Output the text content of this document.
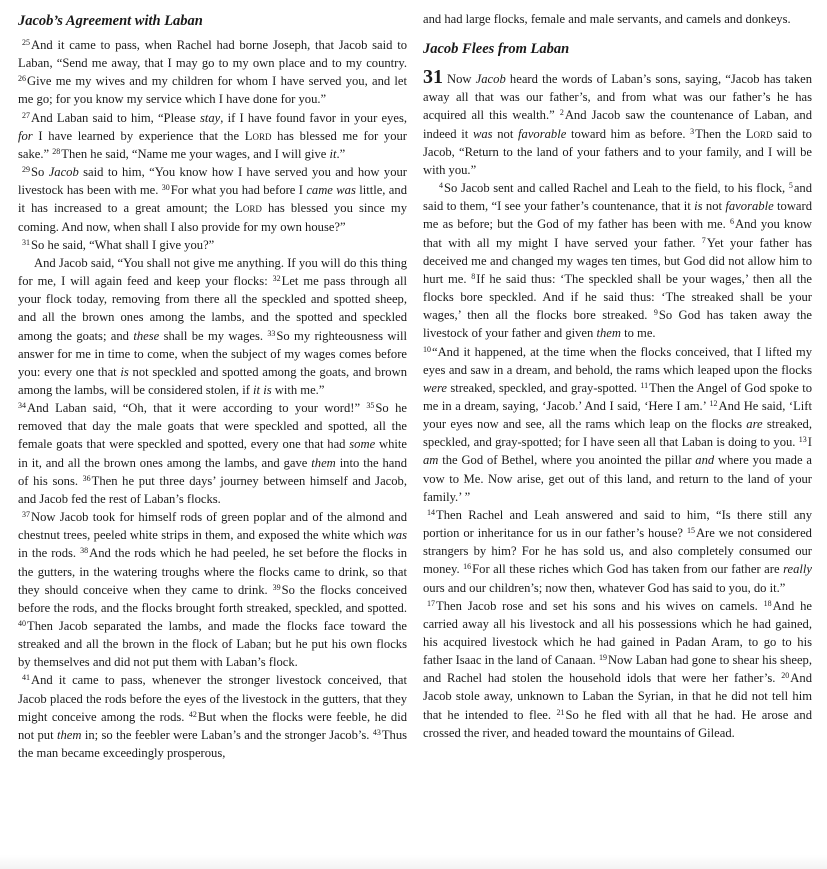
Jacob’s Agreement with Laban

$^{25}$And it came to pass, when Rachel had borne Joseph, that Jacob said to Laban, “Send me away, that I may go to my own place and to my country. $^{26}$Give me my wives and my children for whom I have served you, and let me go; for you know my service which I have done for you.”

$^{27}$And Laban said to him, “Please stay, if I have found favor in your eyes, for I have learned by experience that the Lord has blessed me for your sake.” $^{28}$Then he said, “Name me your wages, and I will give it.”

$^{29}$So Jacob said to him, “You know how I have served you and how your livestock has been with me. $^{30}$For what you had before I came was little, and it has increased to a great amount; the Lord has blessed you since my coming. And now, when shall I also provide for my own house?”

$^{31}$So he said, “What shall I give you?”

And Jacob said, “You shall not give me anything. If you will do this thing for me, I will again feed and keep your flocks: $^{32}$Let me pass through all your flock today, removing from there all the speckled and spotted sheep, and all the brown ones among the lambs, and the spotted and speckled among the goats; and these shall be my wages. $^{33}$So my righteousness will answer for me in time to come, when the subject of my wages comes before you: every one that is not speckled and spotted among the goats, and brown among the lambs, will be considered stolen, if it is with me.”

$^{34}$And Laban said, “Oh, that it were according to your word!” $^{35}$So he removed that day the male goats that were speckled and spotted, all the female goats that were speckled and spotted, every one that had some white in it, and all the brown ones among the lambs, and gave them into the hand of his sons. $^{36}$Then he put three days’ journey between himself and Jacob, and Jacob fed the rest of Laban’s flocks.

$^{37}$Now Jacob took for himself rods of green poplar and of the almond and chestnut trees, peeled white strips in them, and exposed the white which was in the rods. $^{38}$And the rods which he had peeled, he set before the flocks in the gutters, in the watering troughs where the flocks came to drink, so that they should conceive when they came to drink. $^{39}$So the flocks conceived before the rods, and the flocks brought forth streaked, speckled, and spotted. $^{40}$Then Jacob separated the lambs, and made the flocks face toward the streaked and all the brown in the flock of Laban; but he put his own flocks by themselves and did not put them with Laban’s flock.

$^{41}$And it came to pass, whenever the stronger livestock conceived, that Jacob placed the rods before the eyes of the livestock in the gutters, that they might conceive among the rods. $^{42}$But when the flocks were feeble, he did not put them in; so the feebler were Laban’s and the stronger Jacob’s. $^{43}$Thus the man became exceedingly prosperous,

and had large flocks, female and male servants, and camels and donkeys.

Jacob Flees from Laban

31 Now Jacob heard the words of Laban’s sons, saying, “Jacob has taken away all that was our father’s, and from what was our father’s he has acquired all this wealth.” $^2$And Jacob saw the countenance of Laban, and indeed it was not favorable toward him as before. $^3$Then the Lord said to Jacob, “Return to the land of your fathers and to your family, and I will be with you.”

$^4$So Jacob sent and called Rachel and Leah to the field, to his flock, $^5$and said to them, “I see your father’s countenance, that it is not favorable toward me as before; but the God of my father has been with me. $^6$And you know that with all my might I have served your father. $^7$Yet your father has deceived me and changed my wages ten times, but God did not allow him to hurt me. $^8$If he said thus: ‘The speckled shall be your wages,’ then all the flocks bore speckled. And if he said thus: ‘The streaked shall be your wages,’ then all the flocks bore streaked. $^9$So God has taken away the livestock of your father and given them to me.

$^{10}$“And it happened, at the time when the flocks conceived, that I lifted my eyes and saw in a dream, and behold, the rams which leaped upon the flocks were streaked, speckled, and gray-spotted. $^{11}$Then the Angel of God spoke to me in a dream, saying, ‘Jacob.’ And I said, ‘Here I am.’ $^{12}$And He said, ‘Lift your eyes now and see, all the rams which leap on the flocks are streaked, speckled, and gray-spotted; for I have seen all that Laban is doing to you. $^{13}$I am the God of Bethel, where you anointed the pillar and where you made a vow to Me. Now arise, get out of this land, and return to the land of your family.’ ”

$^{14}$Then Rachel and Leah answered and said to him, “Is there still any portion or inheritance for us in our father’s house? $^{15}$Are we not considered strangers by him? For he has sold us, and also completely consumed our money. $^{16}$For all these riches which God has taken from our father are really ours and our children’s; now then, whatever God has said to you, do it.”

$^{17}$Then Jacob rose and set his sons and his wives on camels. $^{18}$And he carried away all his livestock and all his possessions which he had gained, his acquired livestock which he had gained in Padan Aram, to go to his father Isaac in the land of Canaan. $^{19}$Now Laban had gone to shear his sheep, and Rachel had stolen the household idols that were her father’s. $^{20}$And Jacob stole away, unknown to Laban the Syrian, in that he did not tell him that he intended to flee. $^{21}$So he fled with all that he had. He arose and crossed the river, and headed toward the mountains of Gilead.
